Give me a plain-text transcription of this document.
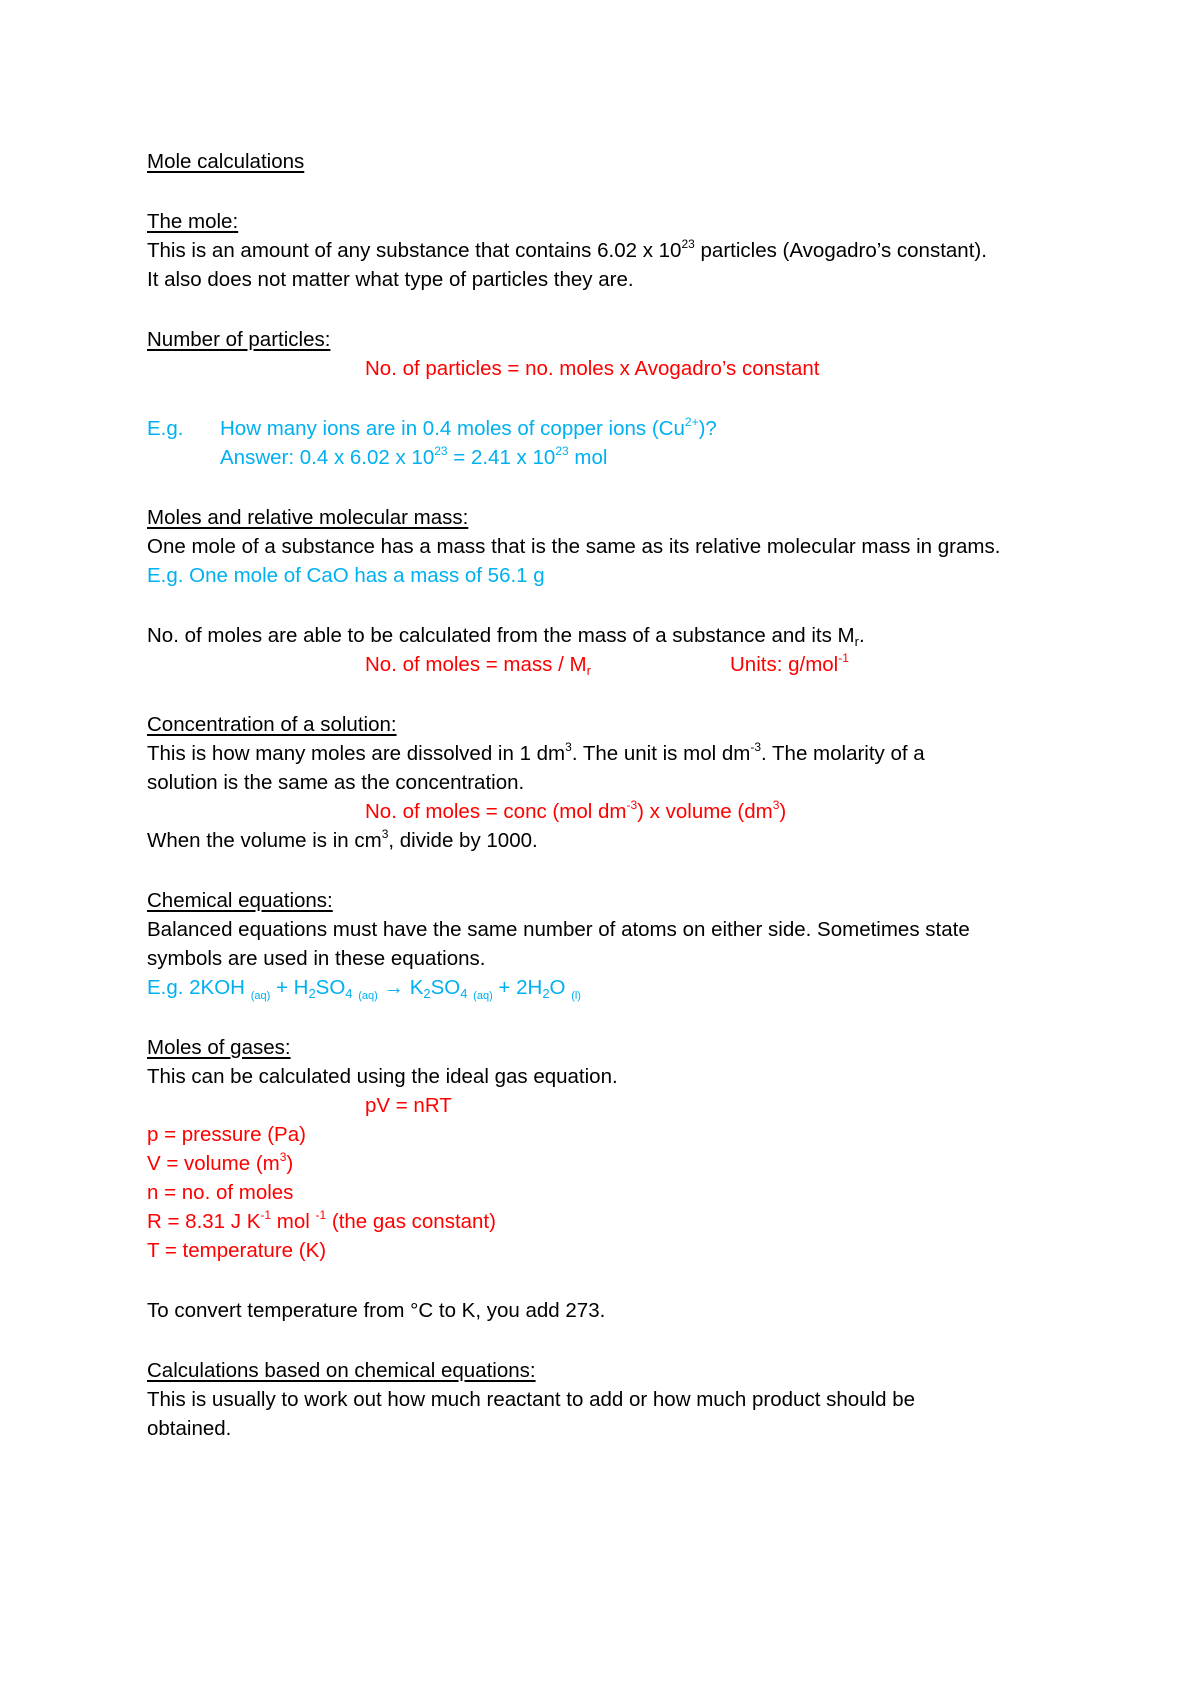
Mole calculations
The mole:
This is an amount of any substance that contains 6.02 x $10^{23}$ particles (Avogadro’s constant).
It also does not matter what type of particles they are.
Number of particles:
No. of particles = no. moles x Avogadro’s constant
E.g. How many ions are in 0.4 moles of copper ions $(Cu^{2+})$?
Answer: 0.4 x 6.02 x $10^{23} = 2.41$ x $10^{23}$ mol
Moles and relative molecular mass:
One mole of a substance has a mass that is the same as its relative molecular mass in grams.
E.g. One mole of CaO has a mass of 56.1 g
No. of moles are able to be calculated from the mass of a substance and its $M_r$.
No. of moles = mass / $M_r$	Units: g/mol$^{-1}$
Concentration of a solution:
This is how many moles are dissolved in 1 $dm^3$. The unit is mol $dm^{-3}$. The molarity of a
solution is the same as the concentration.
No. of moles = conc (mol $dm^{-3}$) x volume $(dm^3)$
When the volume is in $cm^3$, divide by 1000.
Chemical equations:
Balanced equations must have the same number of atoms on either side. Sometimes state
symbols are used in these equations.
E.g. 2KOH $_{(aq)} + H_2SO_4$ $_{(aq)} \to K_2SO_4$ $_{(aq)} + 2H_2O$ $_{(l)}$
Moles of gases:
This can be calculated using the ideal gas equation.
pV = nRT
p = pressure (Pa)
V = volume $(m^3)$
n = no. of moles
R = 8.31 J $K^{-1}$ mol $^{-1}$ (the gas constant)
T = temperature (K)
To convert temperature from °C to K, you add 273.
Calculations based on chemical equations:
This is usually to work out how much reactant to add or how much product should be
obtained.
